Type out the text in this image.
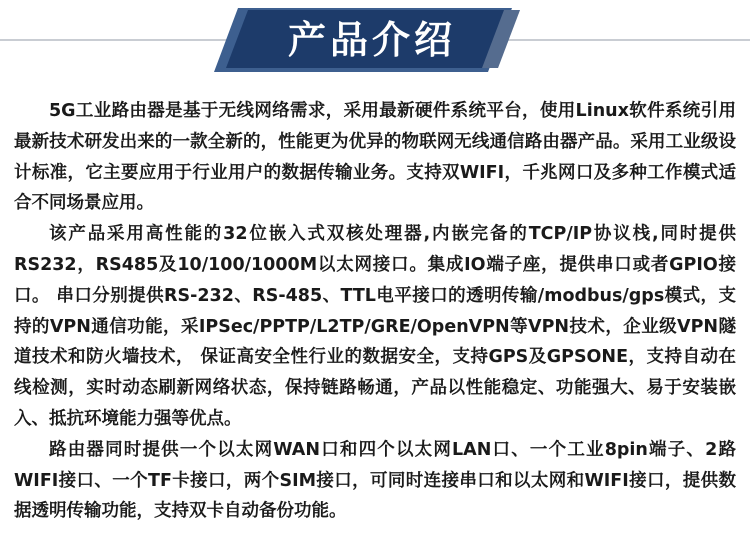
产品介绍

5G工业路由器是基于无线网络需求，采用最新硬件系统平台，使用Linux软件系统引用最新技术研发出来的一款全新的，性能更为优异的物联网无线通信路由器产品。采用工业级设计标准，它主要应用于行业用户的数据传输业务。支持双WIFI，千兆网口及多种工作模式适合不同场景应用。

该产品采用高性能的32位嵌入式双核处理器,内嵌完备的TCP/IP协议栈,同时提供RS232，RS485及10/100/1000M以太网接口。集成IO端子座，提供串口或者GPIO接口。 串口分别提供RS-232、RS-485、TTL电平接口的透明传输/modbus/gps模式，支持的VPN通信功能，采IPSec/PPTP/L2TP/GRE/OpenVPN等VPN技术，企业级VPN隧道技术和防火墙技术， 保证高安全性行业的数据安全，支持GPS及GPSONE，支持自动在线检测，实时动态刷新网络状态，保持链路畅通，产品以性能稳定、功能强大、易于安装嵌入、抵抗环境能力强等优点。

路由器同时提供一个以太网WAN口和四个以太网LAN口、一个工业8pin端子、2路WIFI接口、一个TF卡接口，两个SIM接口，可同时连接串口和以太网和WIFI接口，提供数据透明传输功能，支持双卡自动备份功能。
